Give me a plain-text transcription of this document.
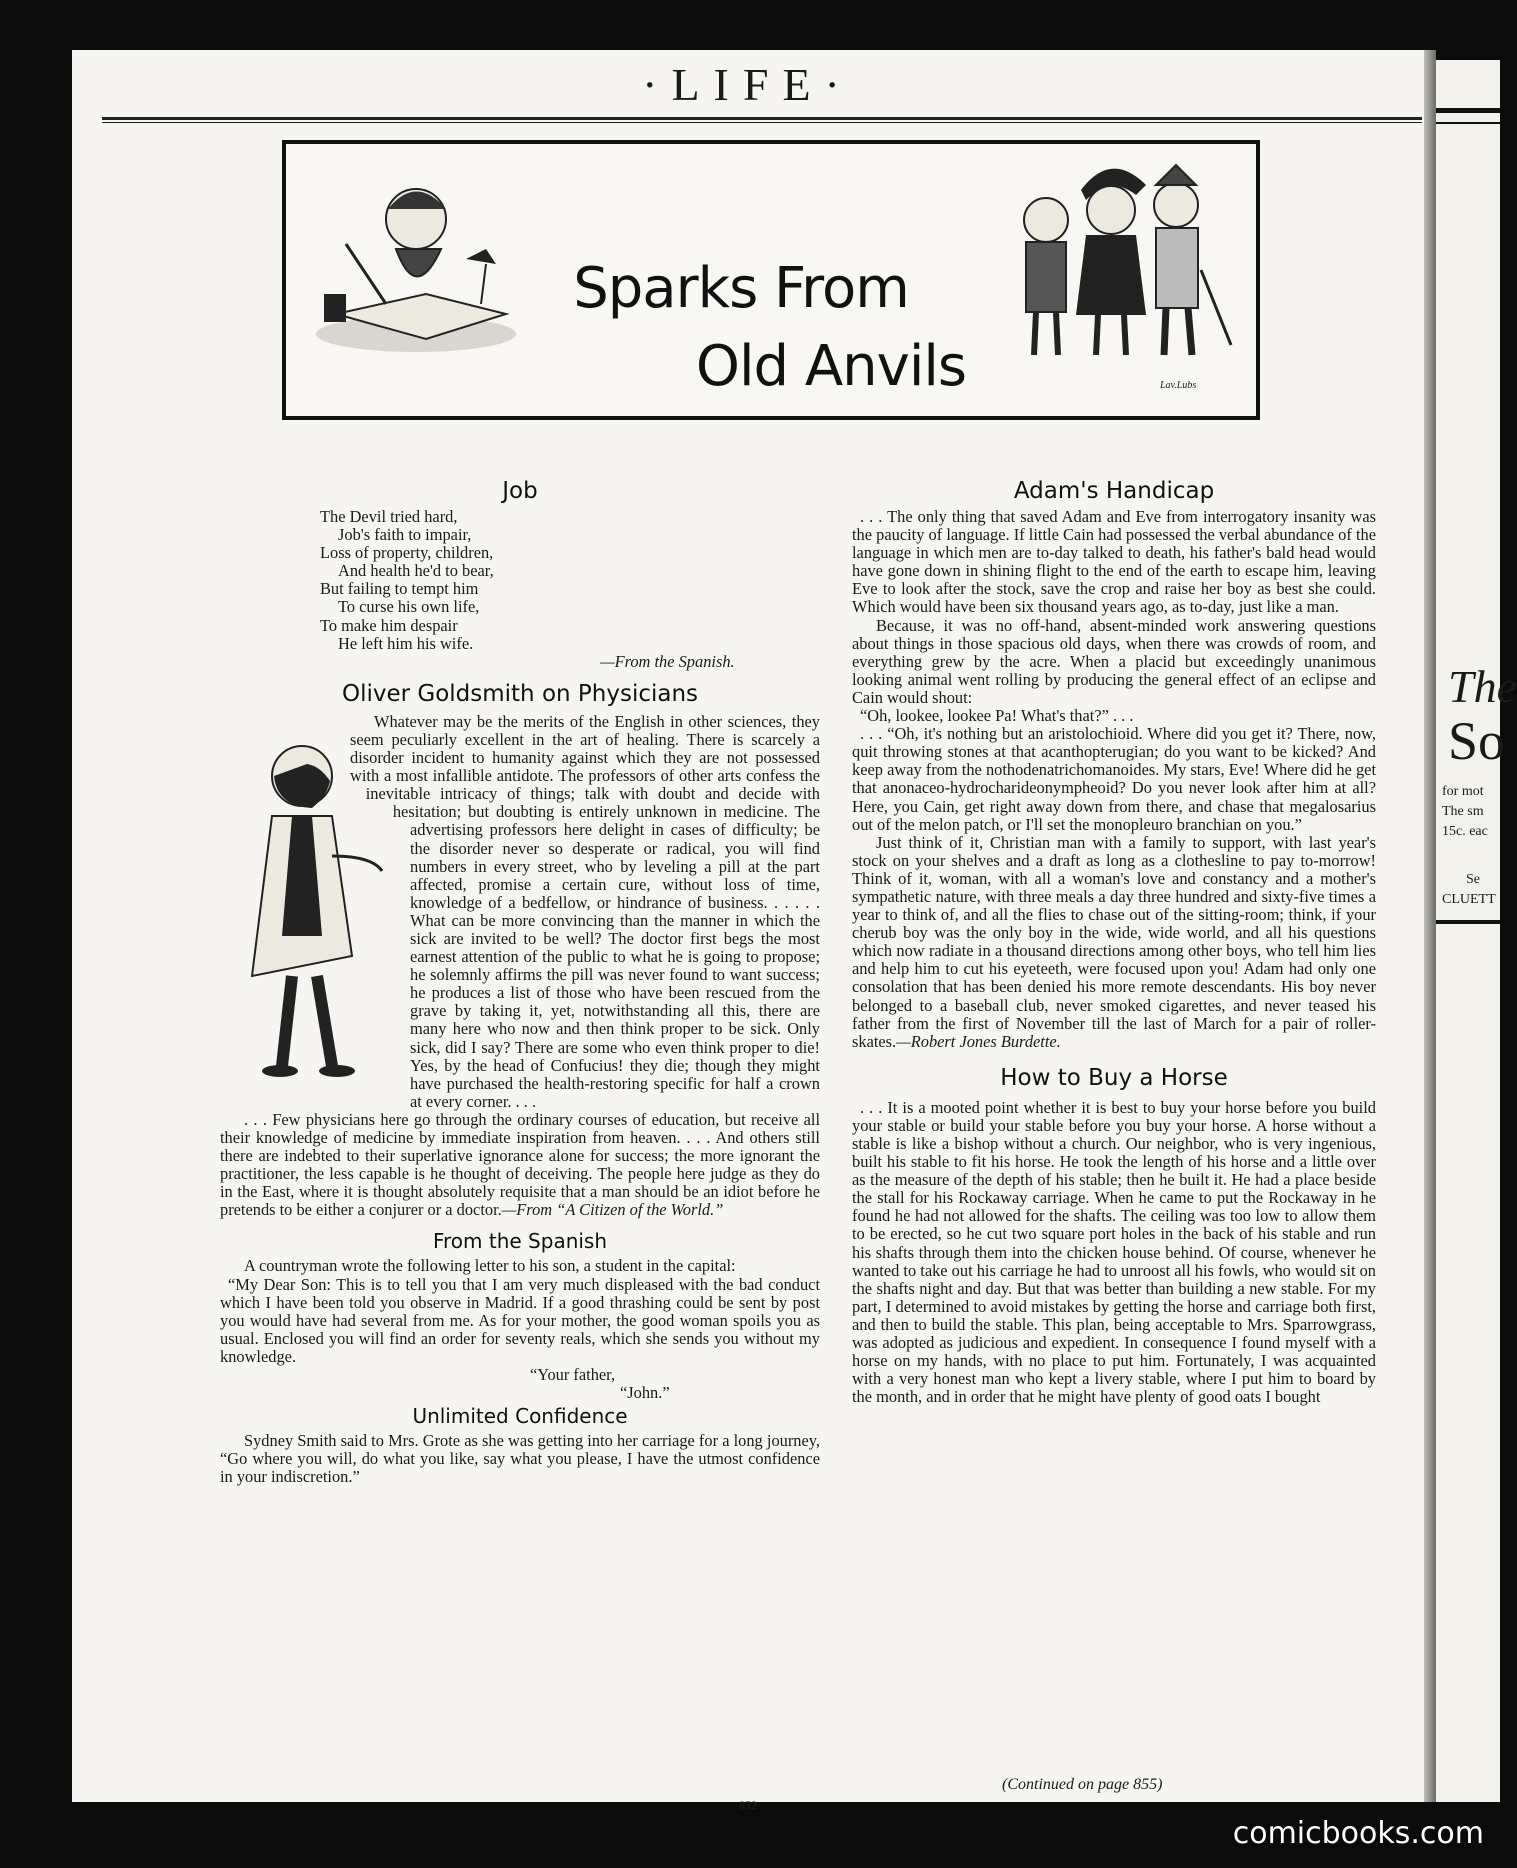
·LIFE·
Sparks From
Old Anvils	Lav.Lubs
Job
The Devil tried hard,
Job's faith to impair,
Loss of property, children,
And health he'd to bear,
But failing to tempt him
To curse his own life,
To make him despair
He left him his wife.
—From the Spanish.
Oliver Goldsmith on Physicians

Whatever may be the merits of the English in other sciences, they seem peculiarly excellent in the art of healing. There is scarcely a disorder incident to humanity against which they are not possessed with a most infallible antidote. The professors of other arts confess the inevitable intricacy of things; talk with doubt and decide with hesitation; but doubting is entirely unknown in medicine. The advertising professors here delight in cases of difficulty; be the disorder never so desperate or radical, you will find numbers in every street, who by leveling a pill at the part affected, promise a certain cure, without loss of time, knowledge of a bedfellow, or hindrance of business. . . . . . What can be more convincing than the manner in which the sick are invited to be well? The doctor first begs the most earnest attention of the public to what he is going to propose; he solemnly affirms the pill was never found to want success; he produces a list of those who have been rescued from the grave by taking it, yet, notwithstanding all this, there are many here who now and then think proper to be sick. Only sick, did I say? There are some who even think proper to die! Yes, by the head of Confucius! they die; though they might have purchased the health-restoring specific for half a crown at every corner. . . .

. . . Few physicians here go through the ordinary courses of education, but receive all their knowledge of medicine by immediate inspiration from heaven. . . . And others still there are indebted to their superlative ignorance alone for success; the more ignorant the practitioner, the less capable is he thought of deceiving. The people here judge as they do in the East, where it is thought absolutely requisite that a man should be an idiot before he pretends to be either a conjurer or a doctor.—From “A Citizen of the World.”

From the Spanish

A countryman wrote the following letter to his son, a student in the capital:

“My Dear Son: This is to tell you that I am very much displeased with the bad conduct which I have been told you observe in Madrid. If a good thrashing could be sent by post you would have had several from me. As for your mother, the good woman spoils you as usual. Enclosed you will find an order for seventy reals, which she sends you without my knowledge.

“Your father,
“John.”
Unlimited Confidence

Sydney Smith said to Mrs. Grote as she was getting into her carriage for a long journey, “Go where you will, do what you like, say what you please, I have the utmost confidence in your indiscretion.”

Adam's Handicap

. . . The only thing that saved Adam and Eve from interrogatory insanity was the paucity of language. If little Cain had possessed the verbal abundance of the language in which men are to-day talked to death, his father's bald head would have gone down in shining flight to the end of the earth to escape him, leaving Eve to look after the stock, save the crop and raise her boy as best she could. Which would have been six thousand years ago, as to-day, just like a man.

Because, it was no off-hand, absent-minded work answering questions about things in those spacious old days, when there was crowds of room, and everything grew by the acre. When a placid but exceedingly unanimous looking animal went rolling by producing the general effect of an eclipse and Cain would shout:

“Oh, lookee, lookee Pa! What's that?” . . .

. . . “Oh, it's nothing but an aristolochioid. Where did you get it? There, now, quit throwing stones at that acanthopterugian; do you want to be kicked? And keep away from the nothodenatrichomanoides. My stars, Eve! Where did he get that anonaceo-hydrocharideonympheoid? Do you never look after him at all? Here, you Cain, get right away down from there, and chase that megalosarius out of the melon patch, or I'll set the monopleuro branchian on you.”

Just think of it, Christian man with a family to support, with last year's stock on your shelves and a draft as long as a clothesline to pay to-morrow! Think of it, woman, with all a woman's love and constancy and a mother's sympathetic nature, with three meals a day three hundred and sixty-five times a year to think of, and all the flies to chase out of the sitting-room; think, if your cherub boy was the only boy in the wide, wide world, and all his questions which now radiate in a thousand directions among other boys, who tell him lies and help him to cut his eyeteeth, were focused upon you! Adam had only one consolation that has been denied his more remote descendants. His boy never belonged to a baseball club, never smoked cigarettes, and never teased his father from the first of November till the last of March for a pair of roller-skates.—Robert Jones Burdette.

How to Buy a Horse

. . . It is a mooted point whether it is best to buy your horse before you build your stable or build your stable before you buy your horse. A horse without a stable is like a bishop without a church. Our neighbor, who is very ingenious, built his stable to fit his horse. He took the length of his horse and a little over as the measure of the depth of his stable; then he built it. He had a place beside the stall for his Rockaway carriage. When he came to put the Rockaway in he found he had not allowed for the shafts. The ceiling was too low to allow them to be erected, so he cut two square port holes in the back of his stable and run his shafts through them into the chicken house behind. Of course, whenever he wanted to take out his carriage he had to unroost all his fowls, who would sit on the shafts night and day. But that was better than building a new stable. For my part, I determined to avoid mistakes by getting the horse and carriage both first, and then to build the stable. This plan, being acceptable to Mrs. Sparrowgrass, was adopted as judicious and expedient. In consequence I found myself with a horse on my hands, with no place to put him. Fortunately, I was acquainted with a very honest man who kept a livery stable, where I put him to board by the month, and in order that he might have plenty of good oats I bought

(Continued on page 855)
852
The
So
for mot
The sm
15c. eac
Se
CLUETT
comicbooks.com
